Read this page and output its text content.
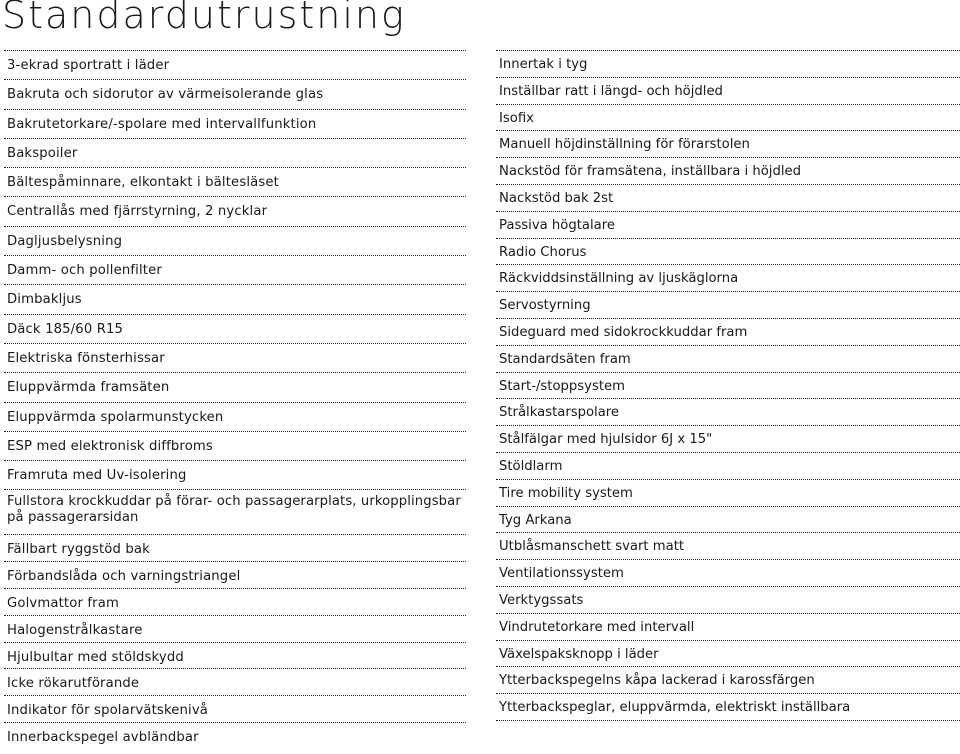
Standardutrustning
3-ekrad sportratt i läder
Bakruta och sidorutor av värmeisolerande glas
Bakrutetorkare/-spolare med intervallfunktion
Bakspoiler
Bältespåminnare, elkontakt i bältesläset
Centrallås med fjärrstyrning, 2 nycklar
Dagljusbelysning
Damm- och pollenfilter
Dimbakljus
Däck 185/60 R15
Elektriska fönsterhissar
Eluppvärmda framsäten
Eluppvärmda spolarmunstycken
ESP med elektronisk diffbroms
Framruta med Uv-isolering
Fullstora krockkuddar på förar- och passagerarplats, urkopplingsbar på passagerarsidan
Fällbart ryggstöd bak
Förbandslåda och varningstriangel
Golvmattor fram
Halogenstrålkastare
Hjulbultar med stöldskydd
Icke rökarutförande
Indikator för spolarvätskenivå
Innerbackspegel avbländbar
Innertak i tyg
Inställbar ratt i längd- och höjdled
Isofix
Manuell höjdinställning för förarstolen
Nackstöd för framsätena, inställbara i höjdled
Nackstöd bak 2st
Passiva högtalare
Radio Chorus
Räckviddsinställning av ljuskäglorna
Servostyrning
Sideguard med sidokrockkuddar fram
Standardsäten fram
Start-/stoppsystem
Strålkastarspolare
Stålfälgar med hjulsidor 6J x 15"
Stöldlarm
Tire mobility system
Tyg Arkana
Utblåsmanschett svart matt
Ventilationssystem
Verktygssats
Vindrutetorkare med intervall
Växelspaksknopp i läder
Ytterbackspegelns kåpa lackerad i karossfärgen
Ytterbackspeglar, eluppvärmda, elektriskt inställbara
